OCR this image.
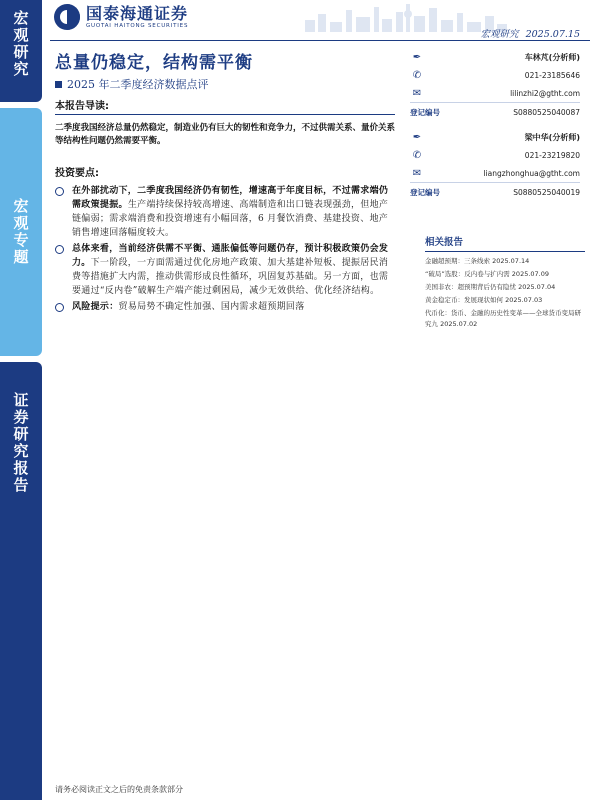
宏观研究
宏观专题
证券研究报告
国泰海通证券
GUOTAI HAITONG SECURITIES
宏观研究 2025.07.15
总量仍稳定，结构需平衡
2025 年二季度经济数据点评
本报告导读:
二季度我国经济总量仍然稳定，制造业仍有巨大的韧性和竞争力，不过供需关系、量价关系等结构性问题仍然需要平衡。
投资要点:

在外部扰动下，二季度我国经济仍有韧性，增速高于年度目标，不过需求端仍需政策提振。生产端持续保持较高增速、高端制造和出口链表现强劲，但地产链偏弱；需求端消费和投资增速有小幅回落，6 月餐饮消费、基建投资、地产销售增速回落幅度较大。

总体来看，当前经济供需不平衡、通胀偏低等问题仍存，预计积极政策仍会发力。下一阶段，一方面需通过优化房地产政策、加大基建补短板、提振居民消费等措施扩大内需，推动供需形成良性循环，巩固复苏基础。另一方面，也需要通过“反内卷”破解生产端产能过剩困局，减少无效供给、优化经济结构。

风险提示：贸易局势不确定性加强、国内需求超预期回落

✒	车林芃(分析师)
✆	021-23185646
✉	lilinzhi2@gtht.com
登记编号	S0880525040087
✒	梁中华(分析师)
✆	021-23219820
✉	liangzhonghua@gtht.com
登记编号	S0880525040019
相关报告
金融超预期：三条线索 2025.07.14
“破局”选股：反内卷与扩内需 2025.07.09
美国非农：超预期背后仍有隐忧 2025.07.04
黄金稳定币：发展现状如何 2025.07.03
代币化：货币、金融的历史性变革——全球货币变局研究九 2025.07.02
请务必阅读正文之后的免责条款部分
